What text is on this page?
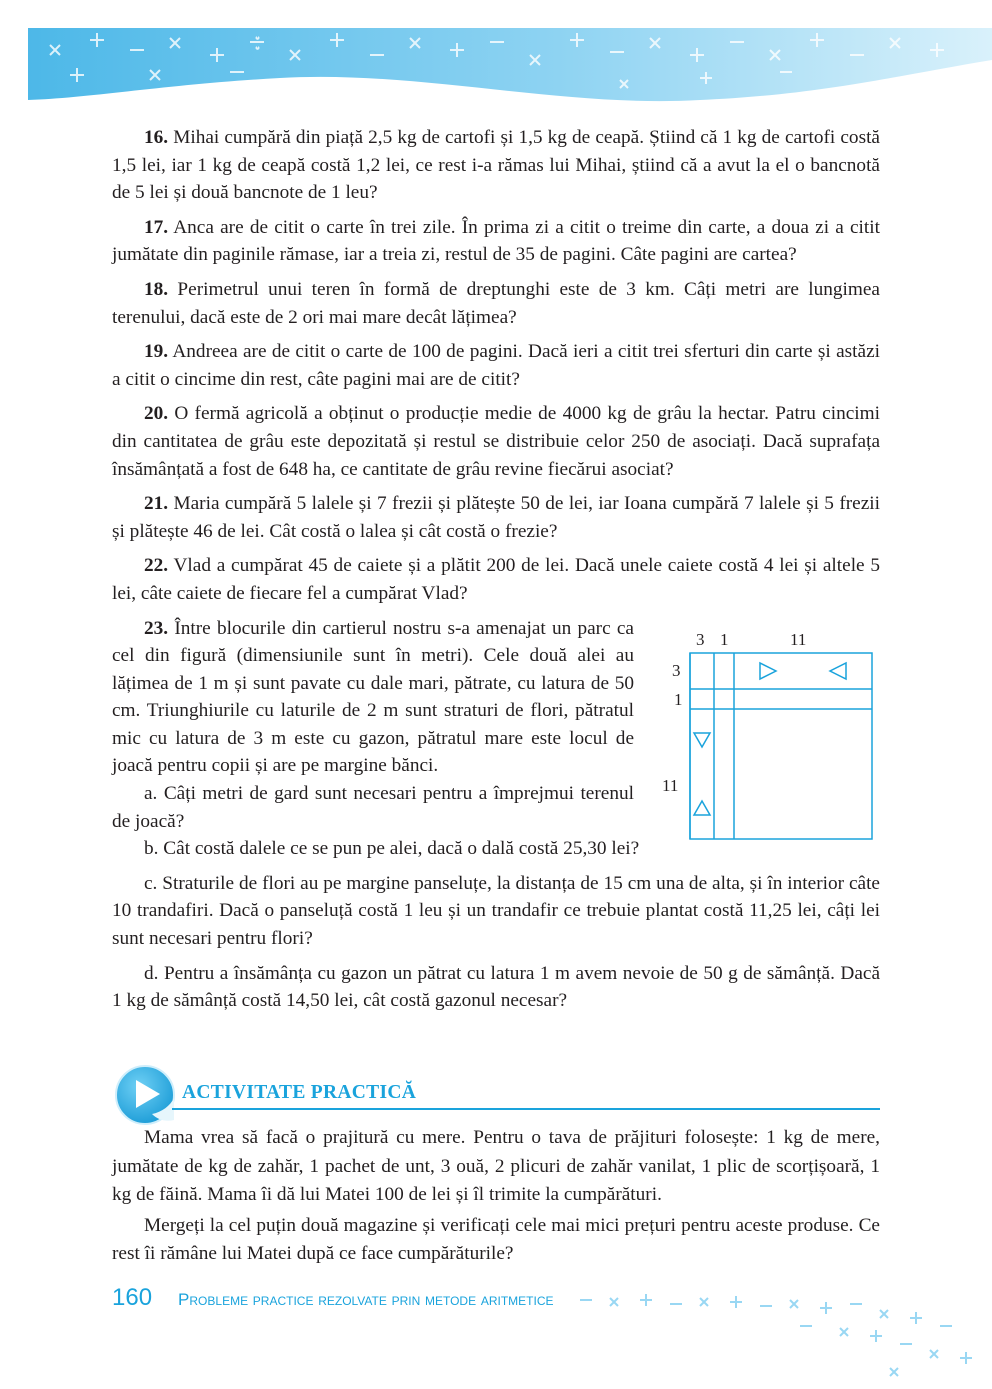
16. Mihai cumpără din piață 2,5 kg de cartofi și 1,5 kg de ceapă. Știind că 1 kg de cartofi costă 1,5 lei, iar 1 kg de ceapă costă 1,2 lei, ce rest i-a rămas lui Mihai, știind că a avut la el o bancnotă de 5 lei și două bancnote de 1 leu?

17. Anca are de citit o carte în trei zile. În prima zi a citit o treime din carte, a doua zi a citit jumătate din paginile rămase, iar a treia zi, restul de 35 de pagini. Câte pagini are cartea?

18. Perimetrul unui teren în formă de dreptunghi este de 3 km. Câți metri are lungimea terenului, dacă este de 2 ori mai mare decât lățimea?

19. Andreea are de citit o carte de 100 de pagini. Dacă ieri a citit trei sferturi din carte și astăzi a citit o cincime din rest, câte pagini mai are de citit?

20. O fermă agricolă a obținut o producție medie de 4000 kg de grâu la hectar. Patru cincimi din cantitatea de grâu este depozitată și restul se distribuie celor 250 de asociați. Dacă suprafața însămânțată a fost de 648 ha, ce cantitate de grâu revine fiecărui asociat?

21. Maria cumpără 5 lalele și 7 frezii și plătește 50 de lei, iar Ioana cumpără 7 lalele și 5 frezii și plătește 46 de lei. Cât costă o lalea și cât costă o frezie?

22. Vlad a cumpărat 45 de caiete și a plătit 200 de lei. Dacă unele caiete costă 4 lei și altele 5 lei, câte caiete de fiecare fel a cumpărat Vlad?

23. Între blocurile din cartierul nostru s-a amenajat un parc ca cel din figură (dimensiunile sunt în metri). Cele două alei au lățimea de 1 m și sunt pavate cu dale mari, pătrate, cu latura de 50 cm. Triunghiurile cu laturile de 2 m sunt straturi de flori, pătratul mic cu latura de 3 m este cu gazon, pătratul mare este locul de joacă pentru copii și are pe margine bănci.

a. Câți metri de gard sunt necesari pentru a împrejmui terenul de joacă?

3 1	11
3
1
11

b. Cât costă dalele ce se pun pe alei, dacă o dală costă 25,30 lei?

c. Straturile de flori au pe margine panseluțe, la distanța de 15 cm una de alta, și în interior câte 10 trandafiri. Dacă o panseluță costă 1 leu și un trandafir ce trebuie plantat costă 11,25 lei, câți lei sunt necesari pentru flori?

d. Pentru a însămânța cu gazon un pătrat cu latura 1 m avem nevoie de 50 g de sămânță. Dacă 1 kg de sămânță costă 14,50 lei, cât costă gazonul necesar?

ACTIVITATE PRACTICĂ

Mama vrea să facă o prajitură cu mere. Pentru o tava de prăjituri folosește: 1 kg de mere, jumătate de kg de zahăr, 1 pachet de unt, 3 ouă, 2 plicuri de zahăr vanilat, 1 plic de scorțișoară, 1 kg de făină. Mama îi dă lui Matei 100 de lei și îl trimite la cumpărături.

Mergeți la cel puțin două magazine și verificați cele mai mici prețuri pentru aceste produse. Ce rest îi rămâne lui Matei după ce face cumpărăturile?

160 Probleme practice rezolvate prin metode aritmetice
